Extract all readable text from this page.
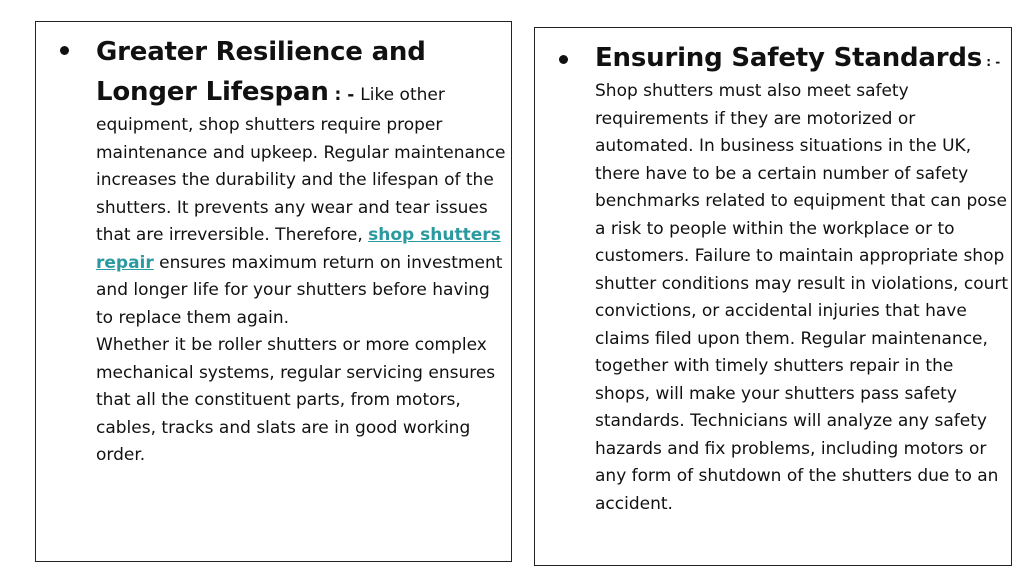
Greater Resilience and
Longer Lifespan : - Like other equipment, shop shutters require proper maintenance and upkeep. Regular maintenance increases the durability and the lifespan of the shutters. It prevents any wear and tear issues that are irreversible. Therefore, shop shutters repair ensures maximum return on investment and longer life for your shutters before having to replace them again.

Whether it be roller shutters or more complex mechanical systems, regular servicing ensures that all the constituent parts, from motors, cables, tracks and slats are in good working order.

Ensuring Safety Standards : -
Shop shutters must also meet safety requirements if they are motorized or automated. In business situations in the UK, there have to be a certain number of safety benchmarks related to equipment that can pose a risk to people within the workplace or to customers. Failure to maintain appropriate shop shutter conditions may result in violations, court convictions, or accidental injuries that have claims filed upon them. Regular maintenance, together with timely shutters repair in the shops, will make your shutters pass safety standards. Technicians will analyze any safety hazards and fix problems, including motors or any form of shutdown of the shutters due to an accident.
